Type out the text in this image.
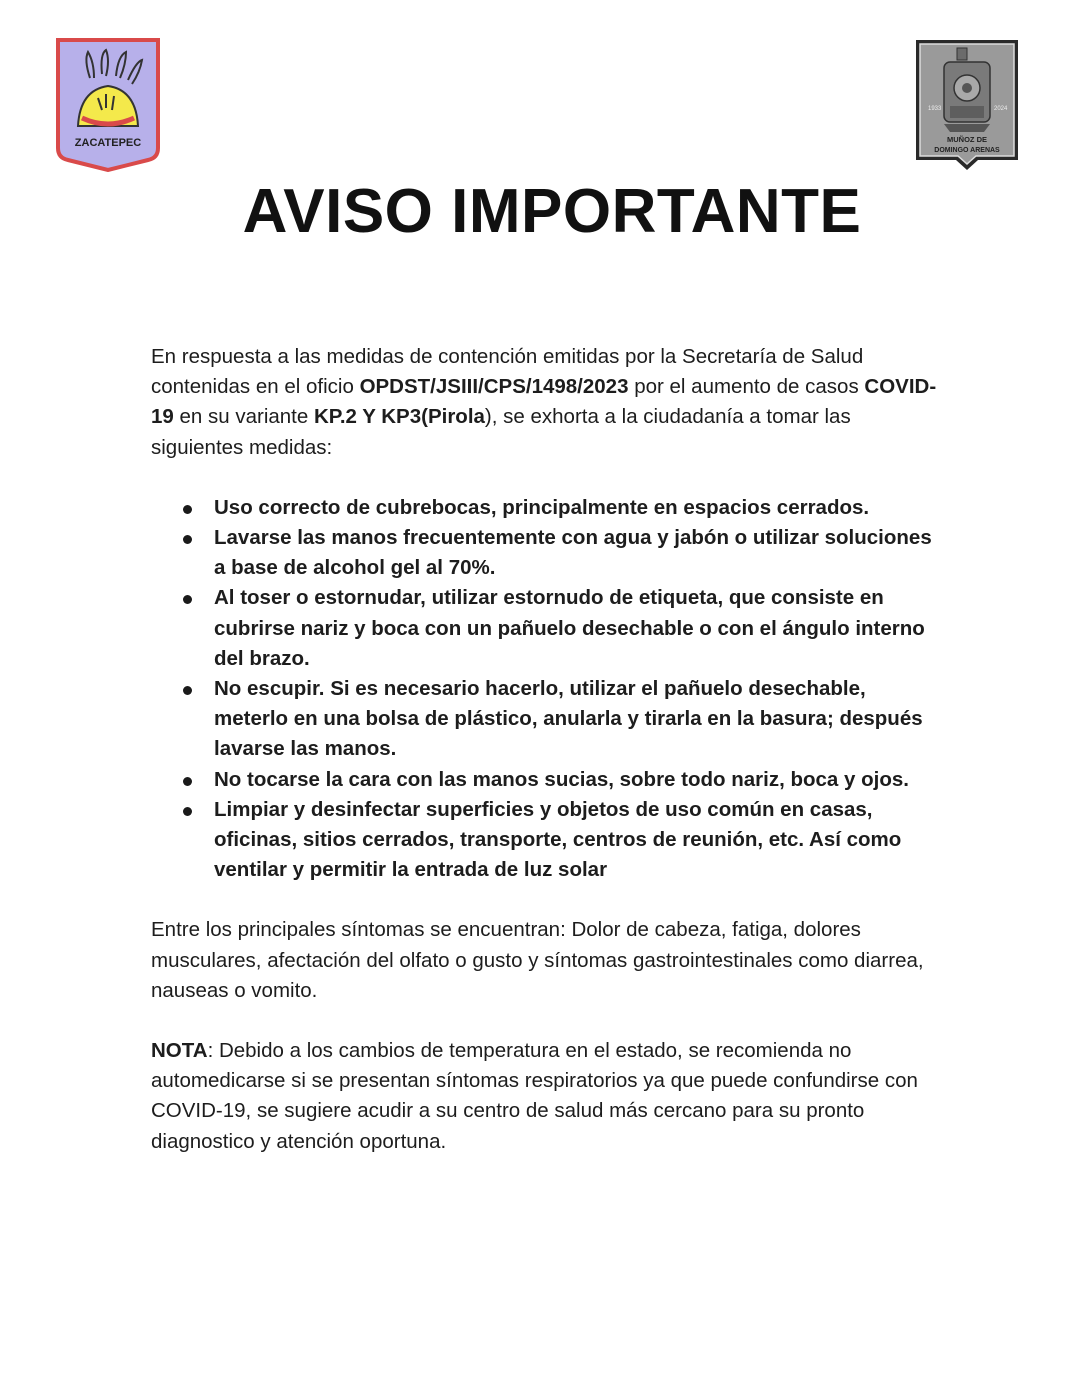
ZACATEPEC
1933	2024
MUÑOZ DE
DOMINGO ARENAS
AVISO IMPORTANTE

En respuesta a las medidas de contención emitidas por la Secretaría de Salud contenidas en el oficio OPDST/JSIII/CPS/1498/2023 por el aumento de casos COVID-19 en su variante KP.2 Y KP3(Pirola), se exhorta a la ciudadanía a tomar las siguientes medidas:

Uso correcto de cubrebocas, principalmente en espacios cerrados.
Lavarse las manos frecuentemente con agua y jabón o utilizar soluciones a base de alcohol gel al 70%.
Al toser o estornudar, utilizar estornudo de etiqueta, que consiste en cubrirse nariz y boca con un pañuelo desechable o con el ángulo interno del brazo.
No escupir. Si es necesario hacerlo, utilizar el pañuelo desechable, meterlo en una bolsa de plástico, anularla y tirarla en la basura; después lavarse las manos.
No tocarse la cara con las manos sucias, sobre todo nariz, boca y ojos.
Limpiar y desinfectar superficies y objetos de uso común en casas, oficinas, sitios cerrados, transporte, centros de reunión, etc. Así como ventilar y permitir la entrada de luz solar

Entre los principales síntomas se encuentran: Dolor de cabeza, fatiga, dolores musculares, afectación del olfato o gusto y síntomas gastrointestinales como diarrea, nauseas o vomito.

NOTA: Debido a los cambios de temperatura en el estado, se recomienda no automedicarse si se presentan síntomas respiratorios ya que puede confundirse con COVID-19, se sugiere acudir a su centro de salud más cercano para su pronto diagnostico y atención oportuna.
